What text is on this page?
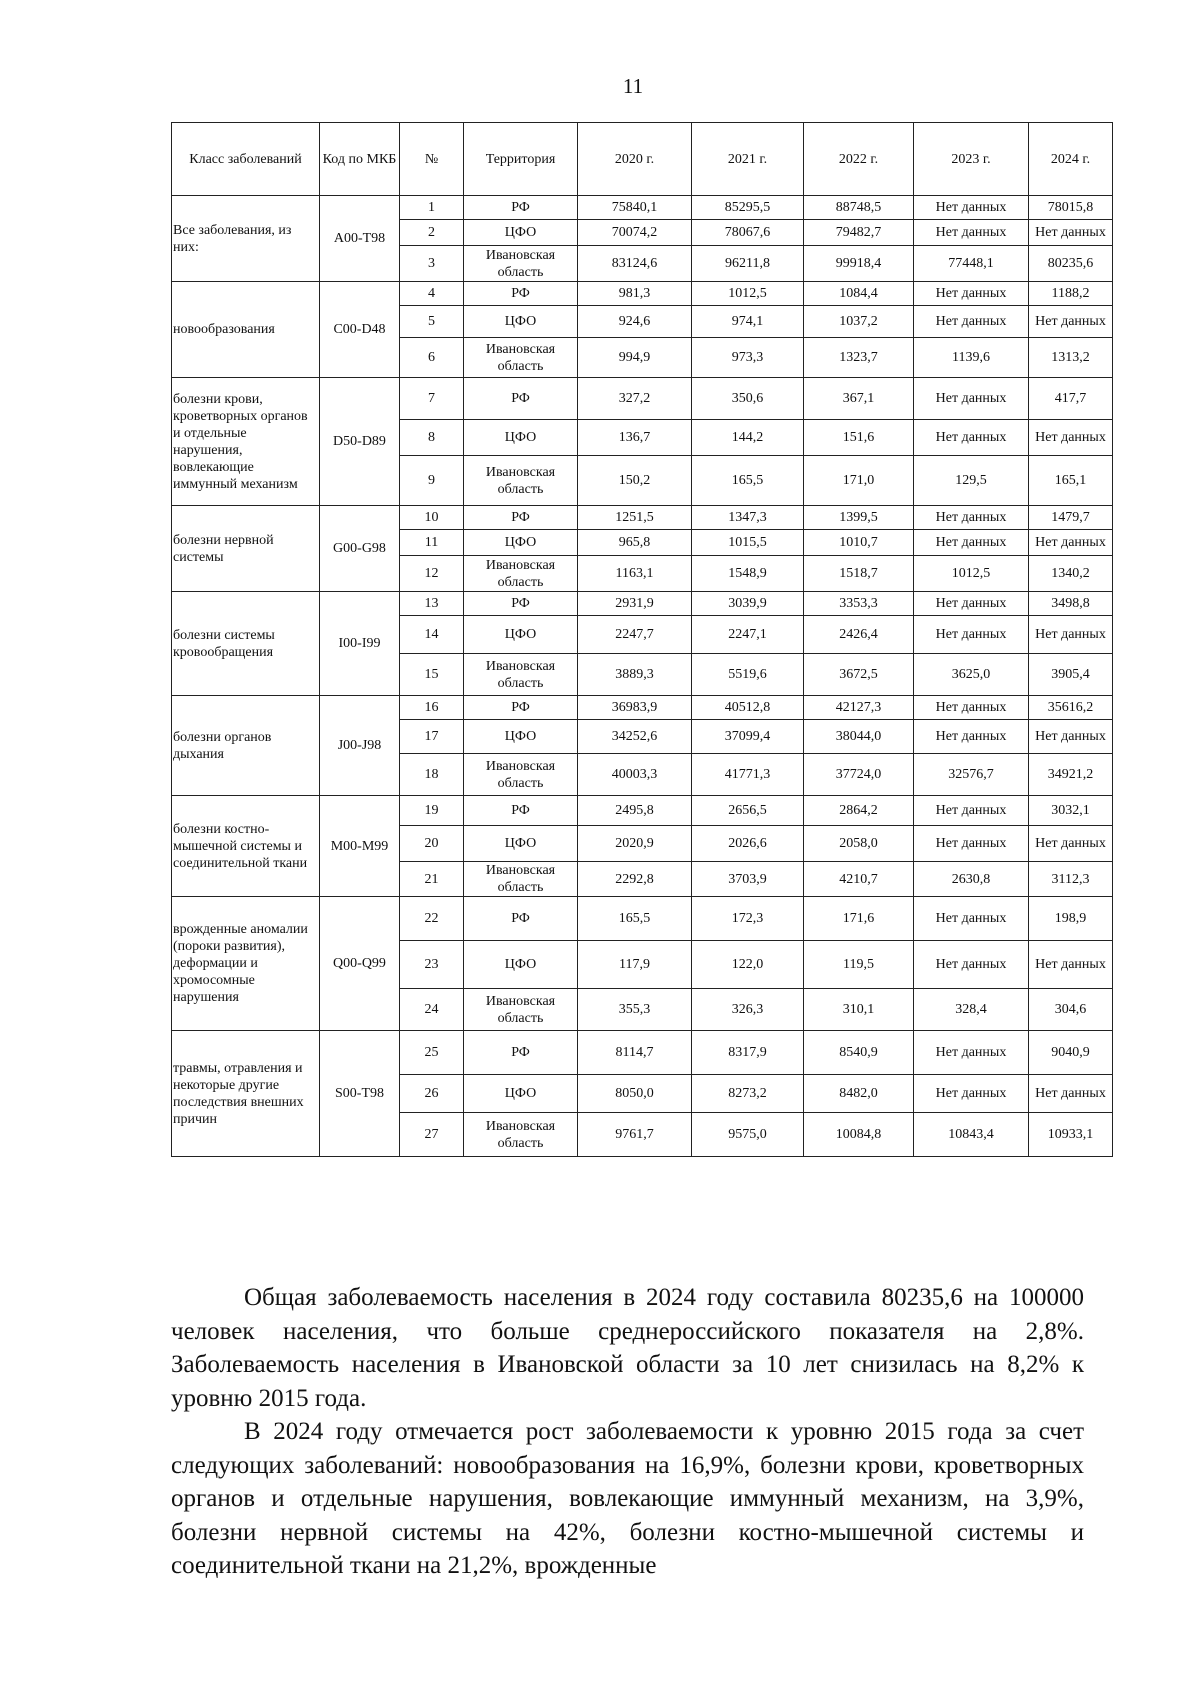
11
Класс заболеваний	Код по МКБ	№	Территория	2020 г.	2021 г.	2022 г.	2023 г.	2024 г.
Все заболевания, из них:	A00-T98	1	РФ	75840,1	85295,5	88748,5	Нет данных	78015,8
		2	ЦФО	70074,2	78067,6	79482,7	Нет данных	Нет данных
		3	Ивановская область	83124,6	96211,8	99918,4	77448,1	80235,6
новообразования	C00-D48	4	РФ	981,3	1012,5	1084,4	Нет данных	1188,2
		5	ЦФО	924,6	974,1	1037,2	Нет данных	Нет данных
		6	Ивановская область	994,9	973,3	1323,7	1139,6	1313,2
болезни крови, кроветворных органов и отдельные нарушения, вовлекающие иммунный механизм	D50-D89	7	РФ	327,2	350,6	367,1	Нет данных	417,7
		8	ЦФО	136,7	144,2	151,6	Нет данных	Нет данных
		9	Ивановская область	150,2	165,5	171,0	129,5	165,1
болезни нервной системы	G00-G98	10	РФ	1251,5	1347,3	1399,5	Нет данных	1479,7
		11	ЦФО	965,8	1015,5	1010,7	Нет данных	Нет данных
		12	Ивановская область	1163,1	1548,9	1518,7	1012,5	1340,2
болезни системы кровообращения	I00-I99	13	РФ	2931,9	3039,9	3353,3	Нет данных	3498,8
		14	ЦФО	2247,7	2247,1	2426,4	Нет данных	Нет данных
		15	Ивановская область	3889,3	5519,6	3672,5	3625,0	3905,4
болезни органов дыхания	J00-J98	16	РФ	36983,9	40512,8	42127,3	Нет данных	35616,2
		17	ЦФО	34252,6	37099,4	38044,0	Нет данных	Нет данных
		18	Ивановская область	40003,3	41771,3	37724,0	32576,7	34921,2
болезни костно-мышечной системы и соединительной ткани	M00-M99	19	РФ	2495,8	2656,5	2864,2	Нет данных	3032,1
		20	ЦФО	2020,9	2026,6	2058,0	Нет данных	Нет данных
		21	Ивановская область	2292,8	3703,9	4210,7	2630,8	3112,3
врожденные аномалии (пороки развития), деформации и хромосомные нарушения	Q00-Q99	22	РФ	165,5	172,3	171,6	Нет данных	198,9
		23	ЦФО	117,9	122,0	119,5	Нет данных	Нет данных
		24	Ивановская область	355,3	326,3	310,1	328,4	304,6
травмы, отравления и некоторые другие последствия внешних причин	S00-T98	25	РФ	8114,7	8317,9	8540,9	Нет данных	9040,9
		26	ЦФО	8050,0	8273,2	8482,0	Нет данных	Нет данных
		27	Ивановская область	9761,7	9575,0	10084,8	10843,4	10933,1

Общая заболеваемость населения в 2024 году составила 80235,6 на 100000 человек населения, что больше среднероссийского показателя на 2,8%. Заболеваемость населения в Ивановской области за 10 лет снизилась на 8,2% к уровню 2015 года.

В 2024 году отмечается рост заболеваемости к уровню 2015 года за счет следующих заболеваний: новообразования на 16,9%, болезни крови, кроветворных органов и отдельные нарушения, вовлекающие иммунный механизм, на 3,9%, болезни нервной системы на 42%, болезни костно-мышечной системы и соединительной ткани на 21,2%, врожденные
